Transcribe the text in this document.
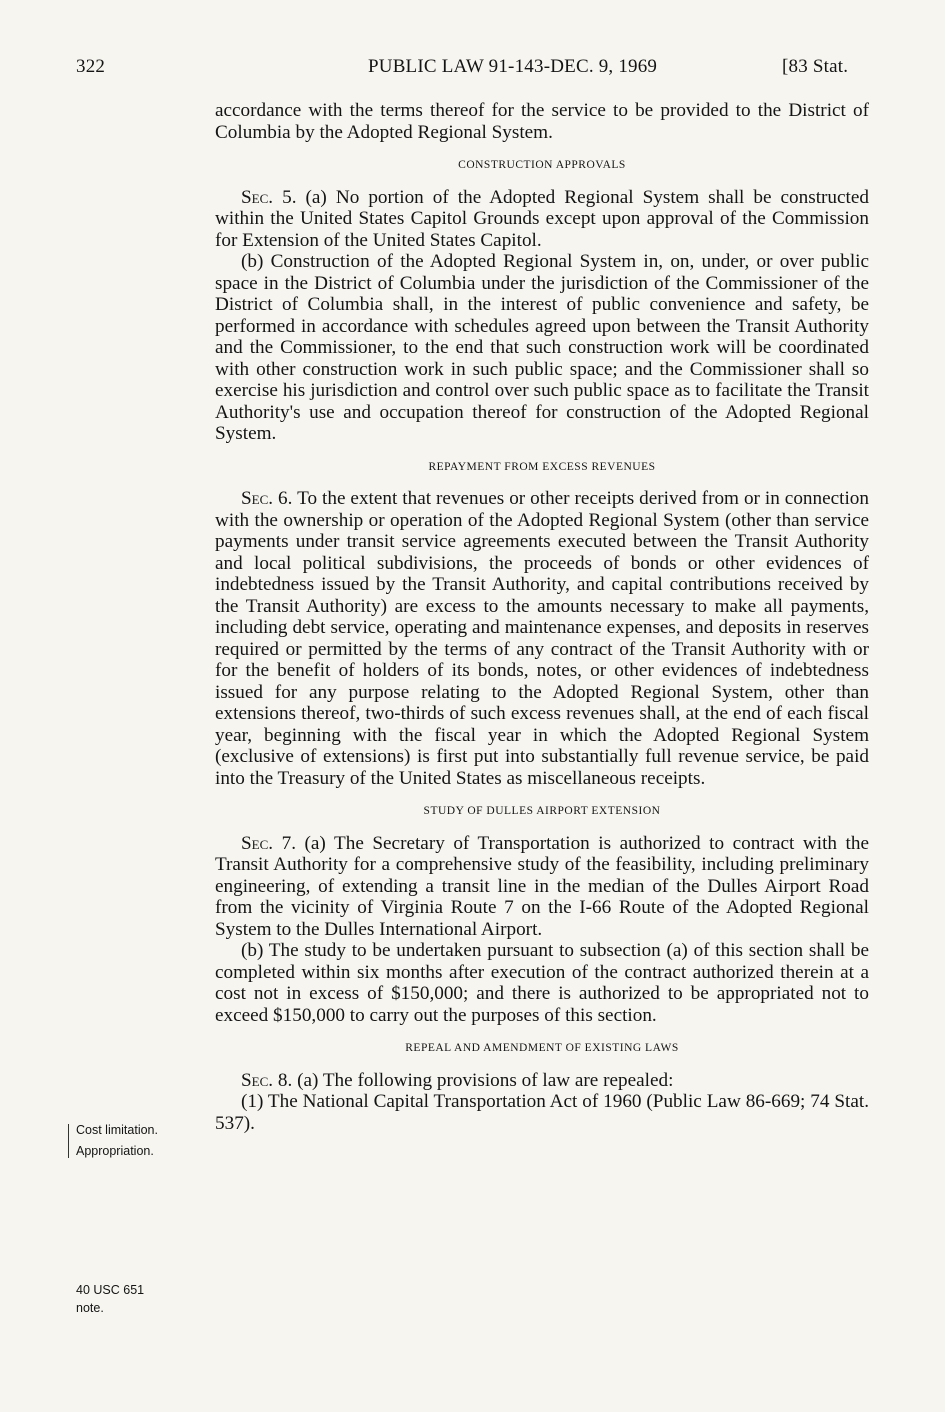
322	PUBLIC LAW 91-143-DEC. 9, 1969	[83 Stat.

accordance with the terms thereof for the service to be provided to the District of Columbia by the Adopted Regional System.

CONSTRUCTION APPROVALS

Sec. 5. (a) No portion of the Adopted Regional System shall be constructed within the United States Capitol Grounds except upon approval of the Commission for Extension of the United States Capitol.

(b) Construction of the Adopted Regional System in, on, under, or over public space in the District of Columbia under the jurisdiction of the Commissioner of the District of Columbia shall, in the interest of public convenience and safety, be performed in accordance with schedules agreed upon between the Transit Authority and the Commissioner, to the end that such construction work will be coordinated with other construction work in such public space; and the Commissioner shall so exercise his jurisdiction and control over such public space as to facilitate the Transit Authority's use and occupation thereof for construction of the Adopted Regional System.

REPAYMENT FROM EXCESS REVENUES

Sec. 6. To the extent that revenues or other receipts derived from or in connection with the ownership or operation of the Adopted Regional System (other than service payments under transit service agreements executed between the Transit Authority and local political subdivisions, the proceeds of bonds or other evidences of indebtedness issued by the Transit Authority, and capital contributions received by the Transit Authority) are excess to the amounts necessary to make all payments, including debt service, operating and maintenance expenses, and deposits in reserves required or permitted by the terms of any contract of the Transit Authority with or for the benefit of holders of its bonds, notes, or other evidences of indebtedness issued for any purpose relating to the Adopted Regional System, other than extensions thereof, two-thirds of such excess revenues shall, at the end of each fiscal year, beginning with the fiscal year in which the Adopted Regional System (exclusive of extensions) is first put into substantially full revenue service, be paid into the Treasury of the United States as miscellaneous receipts.

STUDY OF DULLES AIRPORT EXTENSION

Sec. 7. (a) The Secretary of Transportation is authorized to contract with the Transit Authority for a comprehensive study of the feasibility, including preliminary engineering, of extending a transit line in the median of the Dulles Airport Road from the vicinity of Virginia Route 7 on the I-66 Route of the Adopted Regional System to the Dulles International Airport.

(b) The study to be undertaken pursuant to subsection (a) of this section shall be completed within six months after execution of the contract authorized therein at a cost not in excess of $150,000; and there is authorized to be appropriated not to exceed $150,000 to carry out the purposes of this section.

REPEAL AND AMENDMENT OF EXISTING LAWS

Sec. 8. (a) The following provisions of law are repealed:

(1) The National Capital Transportation Act of 1960 (Public Law 86-669; 74 Stat. 537).

Cost limitation.
Appropriation.
40 USC 651
note.
